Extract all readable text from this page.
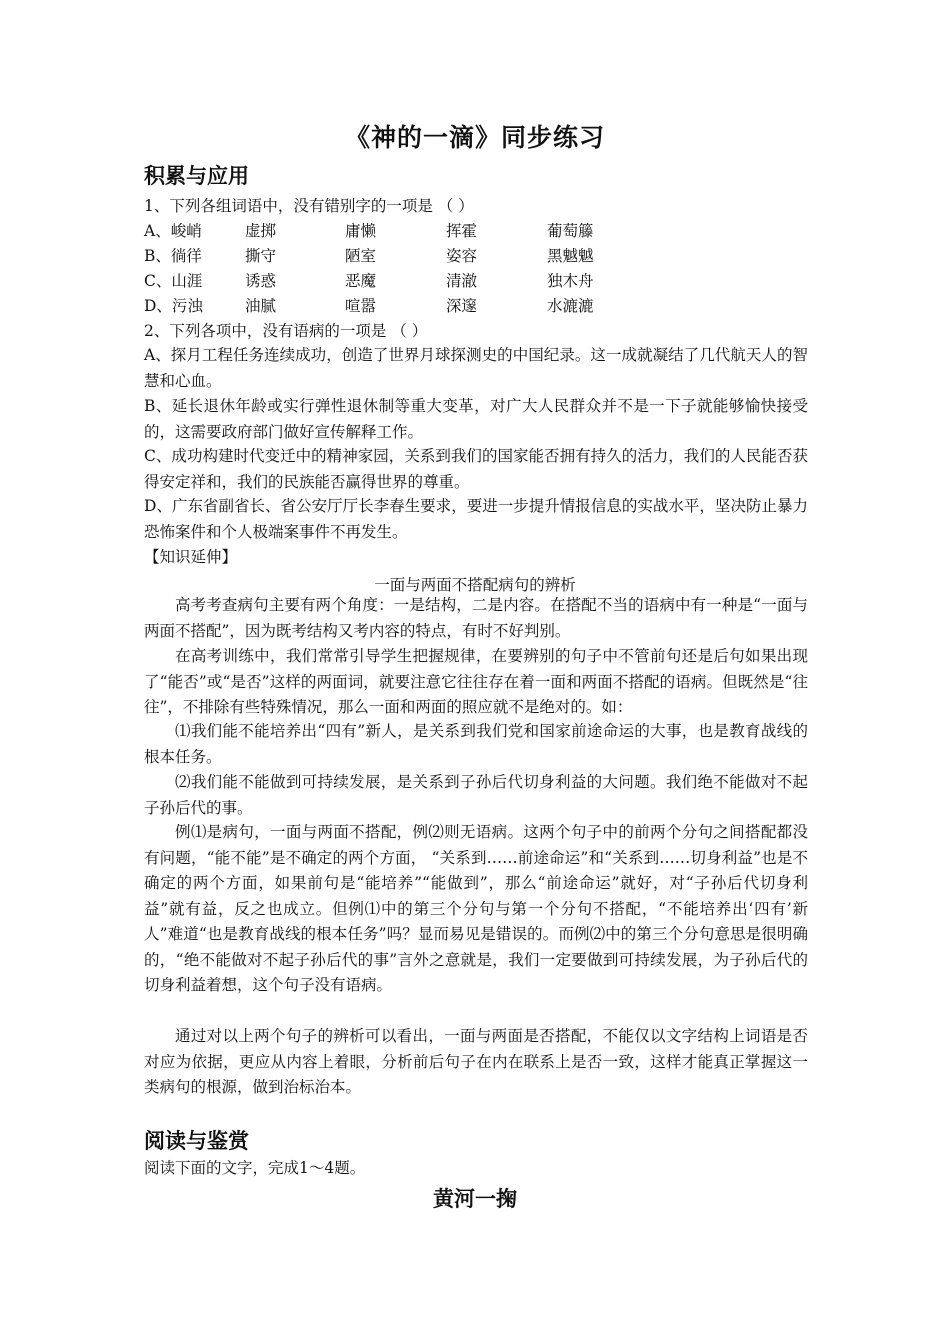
《神的一滴》同步练习
积累与应用
1、下列各组词语中，没有错别字的一项是 （ ）
A、峻峭	虚掷	庸懒	挥霍	葡萄籐
B、徜徉	撕守	陋室	姿容	黑魆魆
C、山涯	诱惑	恶魔	清澈	独木舟
D、污浊	油腻	喧嚣	深邃	水漉漉
2、下列各项中，没有语病的一项是 （ ）
A、探月工程任务连续成功，创造了世界月球探测史的中国纪录。这一成就凝结了几代航天人的智慧和心血。
B、延长退休年龄或实行弹性退休制等重大变革，对广大人民群众并不是一下子就能够愉快接受的，这需要政府部门做好宣传解释工作。
C、成功构建时代变迁中的精神家园，关系到我们的国家能否拥有持久的活力，我们的人民能否获得安定祥和，我们的民族能否赢得世界的尊重。
D、广东省副省长、省公安厅厅长李春生要求，要进一步提升情报信息的实战水平，坚决防止暴力恐怖案件和个人极端案事件不再发生。
【知识延伸】
一面与两面不搭配病句的辨析
高考考查病句主要有两个角度：一是结构，二是内容。在搭配不当的语病中有一种是“一面与两面不搭配”，因为既考结构又考内容的特点，有时不好判别。
在高考训练中，我们常常引导学生把握规律，在要辨别的句子中不管前句还是后句如果出现了“能否”或“是否”这样的两面词，就要注意它往往存在着一面和两面不搭配的语病。但既然是“往往”，不排除有些特殊情况，那么一面和两面的照应就不是绝对的。如：
⑴我们能不能培养出“四有”新人，是关系到我们党和国家前途命运的大事，也是教育战线的根本任务。
⑵我们能不能做到可持续发展，是关系到子孙后代切身利益的大问题。我们绝不能做对不起子孙后代的事。
例⑴是病句，一面与两面不搭配，例⑵则无语病。这两个句子中的前两个分句之间搭配都没有问题，“能不能”是不确定的两个方面， “关系到……前途命运”和“关系到……切身利益”也是不确定的两个方面，如果前句是“能培养”“能做到”，那么“前途命运”就好，对“子孙后代切身利益”就有益，反之也成立。但例⑴中的第三个分句与第一个分句不搭配，“不能培养出‘四有’新人”难道“也是教育战线的根本任务”吗？显而易见是错误的。而例⑵中的第三个分句意思是很明确的，“绝不能做对不起子孙后代的事”言外之意就是，我们一定要做到可持续发展，为子孙后代的切身利益着想，这个句子没有语病。
通过对以上两个句子的辨析可以看出，一面与两面是否搭配，不能仅以文字结构上词语是否对应为依据，更应从内容上着眼，分析前后句子在内在联系上是否一致，这样才能真正掌握这一类病句的根源，做到治标治本。
阅读与鉴赏
阅读下面的文字，完成1～4题。
黄河一掬
